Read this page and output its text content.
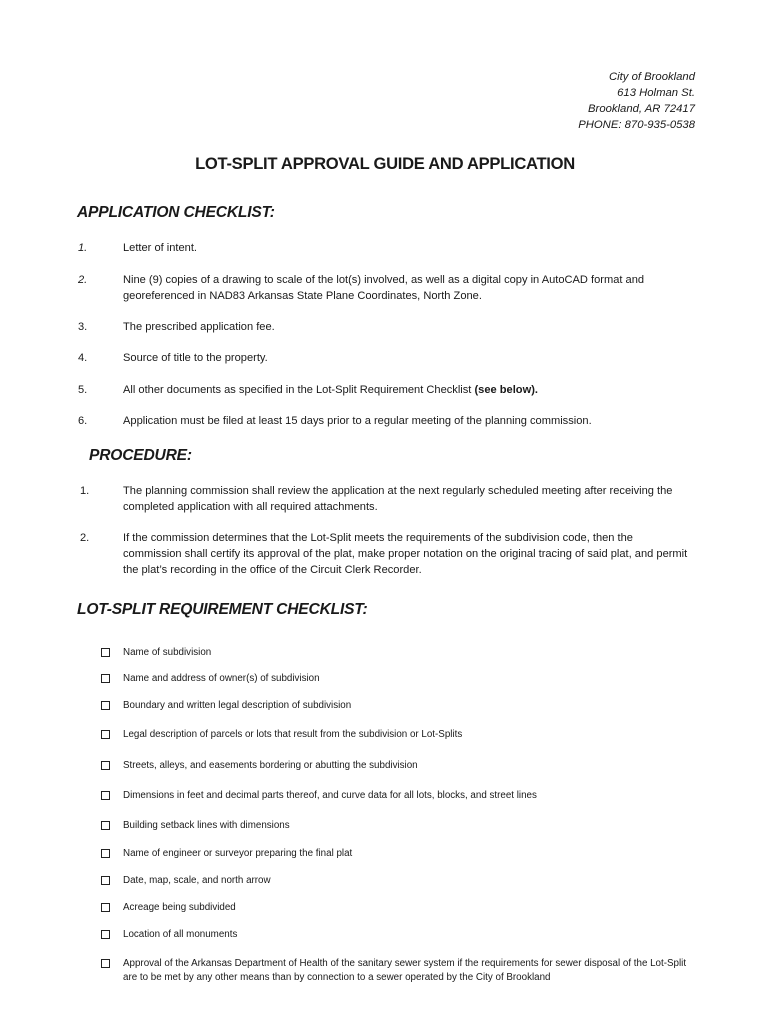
City of Brookland
613 Holman St.
Brookland, AR 72417
PHONE: 870-935-0538
LOT-SPLIT APPROVAL GUIDE AND APPLICATION
APPLICATION CHECKLIST:
1.	Letter of intent.
2.	Nine (9) copies of a drawing to scale of the lot(s) involved, as well as a digital copy in AutoCAD format and georeferenced in NAD83 Arkansas State Plane Coordinates, North Zone.
3.	The prescribed application fee.
4.	Source of title to the property.
5.	All other documents as specified in the Lot-Split Requirement Checklist (see below).
6.	Application must be filed at least 15 days prior to a regular meeting of the planning commission.
PROCEDURE:
1.	The planning commission shall review the application at the next regularly scheduled meeting after receiving the completed application with all required attachments.
2.	If the commission determines that the Lot-Split meets the requirements of the subdivision code, then the commission shall certify its approval of the plat, make proper notation on the original tracing of said plat, and permit the plat’s recording in the office of the Circuit Clerk Recorder.
LOT-SPLIT REQUIREMENT CHECKLIST:
Name of subdivision
Name and address of owner(s) of subdivision
Boundary and written legal description of subdivision
Legal description of parcels or lots that result from the subdivision or Lot-Splits
Streets, alleys, and easements bordering or abutting the subdivision
Dimensions in feet and decimal parts thereof, and curve data for all lots, blocks, and street lines
Building setback lines with dimensions
Name of engineer or surveyor preparing the final plat
Date, map, scale, and north arrow
Acreage being subdivided
Location of all monuments
Approval of the Arkansas Department of Health of the sanitary sewer system if the requirements for sewer disposal of the Lot-Split are to be met by any other means than by connection to a sewer operated by the City of Brookland
